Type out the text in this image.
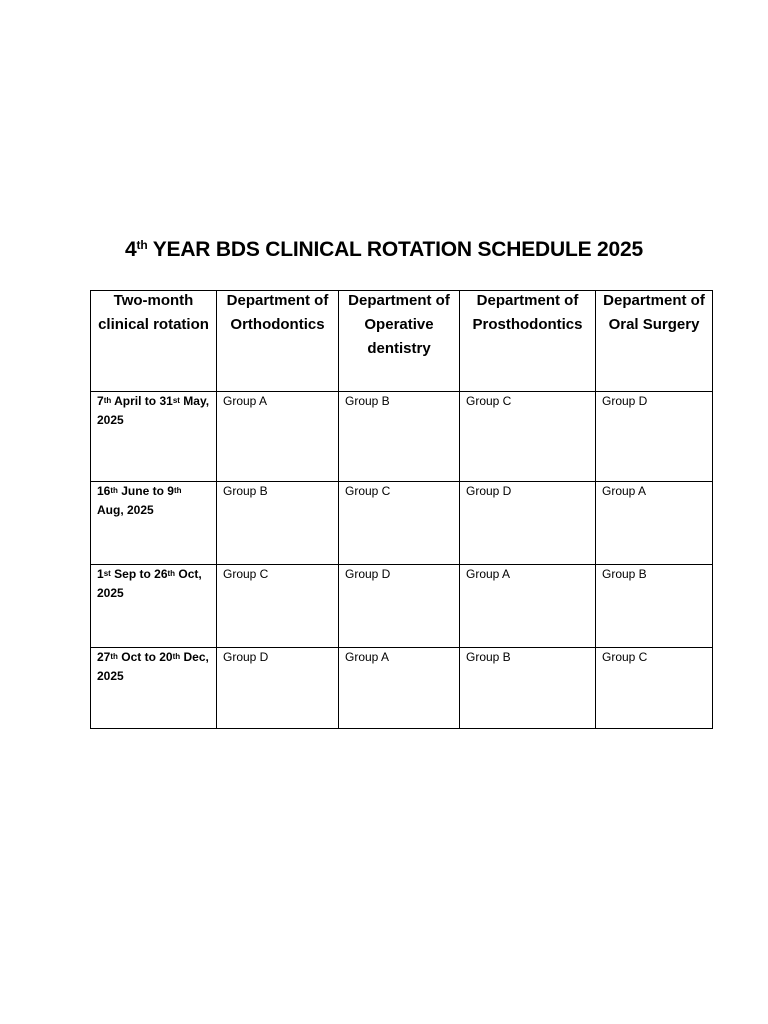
4th YEAR BDS CLINICAL ROTATION SCHEDULE 2025
Two-month clinical rotation	Department of Orthodontics	Department of Operative dentistry	Department of Prosthodontics	Department of Oral Surgery

7th April to 31st May, 2025	Group A	Group B	Group C	Group D

16th June to 9th Aug, 2025	Group B	Group C	Group D	Group A

1st Sep to 26th Oct, 2025	Group C	Group D	Group A	Group B

27th Oct to 20th Dec, 2025	Group D	Group A	Group B	Group C
